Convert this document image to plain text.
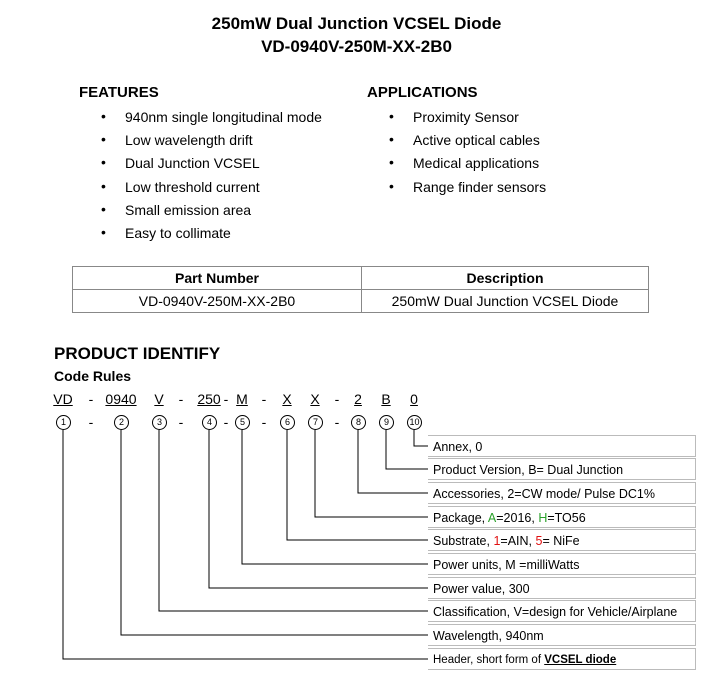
250mW Dual Junction VCSEL Diode
VD-0940V-250M-XX-2B0
FEATURES
• 940nm single longitudinal mode
• Low wavelength drift
• Dual Junction VCSEL
• Low threshold current
• Small emission area
• Easy to collimate
APPLICATIONS
• Proximity Sensor
• Active optical cables
• Medical applications
• Range finder sensors
Part Number	Description
VD-0940V-250M-XX-2B0	250mW Dual Junction VCSEL Diode
PRODUCT IDENTIFY
Code Rules
VD 0940 V 250 M X X 2 B 0
-	-	- -	-
-	-	- -	-
1	2	3	4	5	6	7	8	9	10
Annex, 0
Product Version, B= Dual Junction
Accessories, 2=CW mode/ Pulse DC1%
Package, A=2016, H=TO56
Substrate, 1=AIN, 5= NiFe
Power units, M =milliWatts
Power value, 300
Classification, V=design for Vehicle/Airplane
Wavelength, 940nm
Header, short form of VCSEL diode
